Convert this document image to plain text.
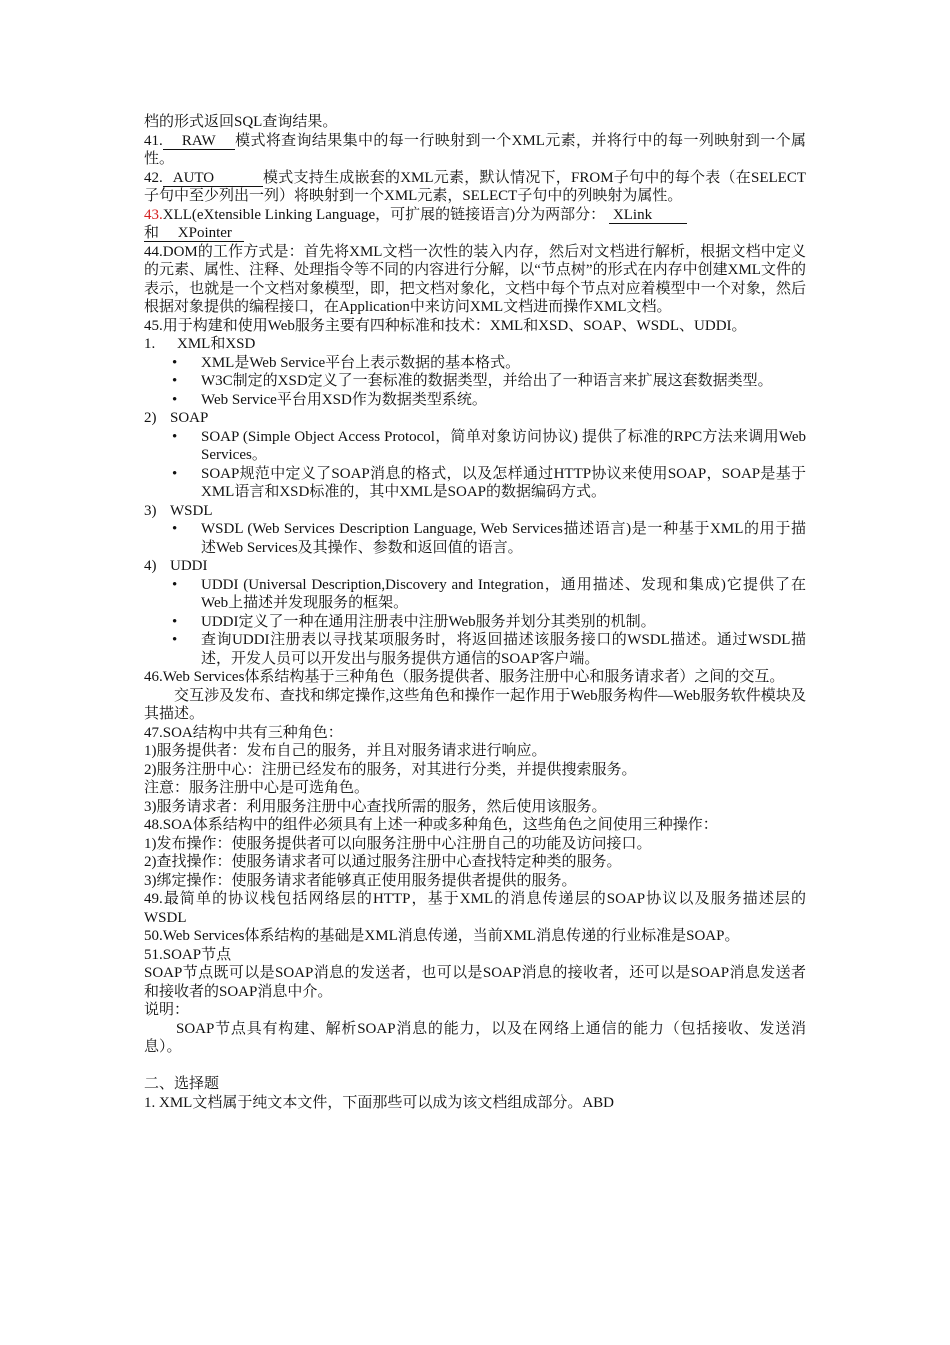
档的形式返回SQL查询结果。

41. RAW 模式将查询结果集中的每一行映射到一个XML元素，并将行中的每一列映射到一个属性。

42. AUTO	模式支持生成嵌套的XML元素，默认情况下，FROM子句中的每个表（在SELECT子句中至少列出一列）将映射到一个XML元素，SELECT子句中的列映射为属性。

43.XLL(eXtensible Linking Language，可扩展的链接语言)分为两部分： XLink
和 XPointer

44.DOM的工作方式是：首先将XML文档一次性的装入内存，然后对文档进行解析，根据文档中定义的元素、属性、注释、处理指令等不同的内容进行分解，以“节点树”的形式在内存中创建XML文件的表示，也就是一个文档对象模型，即，把文档对象化，文档中每个节点对应着模型中一个对象，然后根据对象提供的编程接口，在Application中来访问XML文档进而操作XML文档。

45.用于构建和使用Web服务主要有四种标准和技术：XML和XSD、SOAP、WSDL、UDDI。

1. XML和XSD

• XML是Web Service平台上表示数据的基本格式。
• W3C制定的XSD定义了一套标准的数据类型，并给出了一种语言来扩展这套数据类型。
• Web Service平台用XSD作为数据类型系统。

2) SOAP

• SOAP (Simple Object Access Protocol，简单对象访问协议) 提供了标准的RPC方法来调用Web Services。
• SOAP规范中定义了SOAP消息的格式，以及怎样通过HTTP协议来使用SOAP，SOAP是基于XML语言和XSD标准的，其中XML是SOAP的数据编码方式。

3) WSDL

• WSDL (Web Services Description Language, Web Services描述语言)是一种基于XML的用于描述Web Services及其操作、参数和返回值的语言。

4) UDDI

• UDDI (Universal Description,Discovery and Integration，通用描述、发现和集成)它提供了在Web上描述并发现服务的框架。
• UDDI定义了一种在通用注册表中注册Web服务并划分其类别的机制。
• 查询UDDI注册表以寻找某项服务时，将返回描述该服务接口的WSDL描述。通过WSDL描述，开发人员可以开发出与服务提供方通信的SOAP客户端。

46.Web Services体系结构基于三种角色（服务提供者、服务注册中心和服务请求者）之间的交互。

交互涉及发布、查找和绑定操作,这些角色和操作一起作用于Web服务构件—Web服务软件模块及其描述。

47.SOA结构中共有三种角色：

1)服务提供者：发布自己的服务，并且对服务请求进行响应。

2)服务注册中心：注册已经发布的服务，对其进行分类，并提供搜索服务。

注意：服务注册中心是可选角色。

3)服务请求者：利用服务注册中心查找所需的服务，然后使用该服务。

48.SOA体系结构中的组件必须具有上述一种或多种角色，这些角色之间使用三种操作：

1)发布操作：使服务提供者可以向服务注册中心注册自己的功能及访问接口。

2)查找操作：使服务请求者可以通过服务注册中心查找特定种类的服务。

3)绑定操作：使服务请求者能够真正使用服务提供者提供的服务。

49.最简单的协议栈包括网络层的HTTP，基于XML的消息传递层的SOAP协议以及服务描述层的WSDL

50.Web Services体系结构的基础是XML消息传递，当前XML消息传递的行业标准是SOAP。

51.SOAP节点

SOAP节点既可以是SOAP消息的发送者，也可以是SOAP消息的接收者，还可以是SOAP消息发送者和接收者的SOAP消息中介。

说明：

SOAP节点具有构建、解析SOAP消息的能力，以及在网络上通信的能力（包括接收、发送消息）。

二、选择题

1. XML文档属于纯文本文件，下面那些可以成为该文档组成部分。ABD
